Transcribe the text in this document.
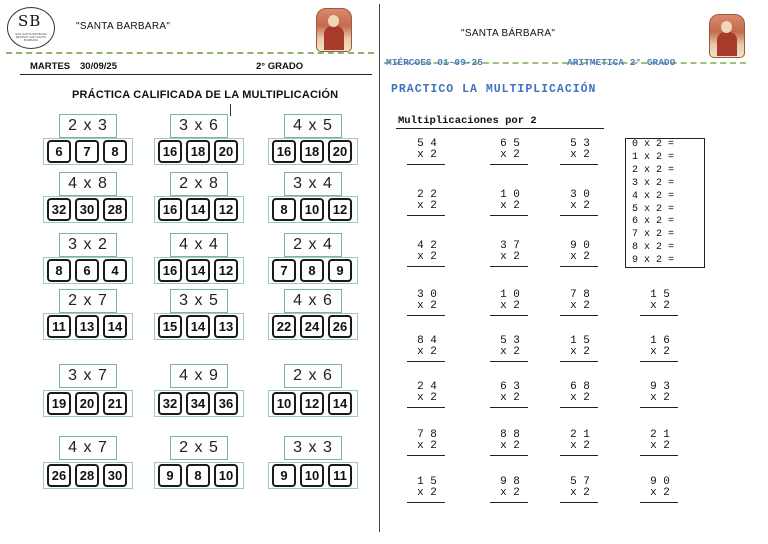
SB
SAN SANTA BARBARA BEATRIX SAN SANTA BARBARA
"SANTA BARBARA"
MARTES 30/09/25	2° GRADO
PRÁCTICA CALIFICADA DE LA MULTIPLICACIÓN
2 x 3
6	7	8
3 x 6
16	18	20
4 x 5
16	18	20
4 x 8
32	30	28
2 x 8
16	14	12
3 x 4
8	10	12
3 x 2
8	6	4
4 x 4
16	14	12
2 x 4
7	8	9
2 x 7
11	13	14
3 x 5
15	14	13
4 x 6
22	24	26
3 x 7
19	20	21
4 x 9
32	34	36
2 x 6
10	12	14
4 x 7
26	28	30
2 x 5
9	8	10
3 x 3
9	10	11
"SANTA BÁRBARA"
MIÉRCOES 01-09-25	ARITMETICA 2° GRADO
PRACTICO LA MULTIPLICACIÓN
Multiplicaciones por 2
5 4
x 2
6 5
x 2
5 3
x 2
2 2
x 2
1 0
x 2
3 0
x 2
4 2
x 2
3 7
x 2
9 0
x 2
3 0
x 2
1 0
x 2
7 8
x 2
1 5
x 2
8 4
x 2
5 3
x 2
1 5
x 2
1 6
x 2
2 4
x 2
6 3
x 2
6 8
x 2
9 3
x 2
7 8
x 2
8 8
x 2
2 1
x 2
2 1
x 2
1 5
x 2
9 8
x 2
5 7
x 2
9 0
x 2
0 x 2 =
1 x 2 =
2 x 2 =
3 x 2 =
4 x 2 =
5 x 2 =
6 x 2 =
7 x 2 =
8 x 2 =
9 x 2 =
